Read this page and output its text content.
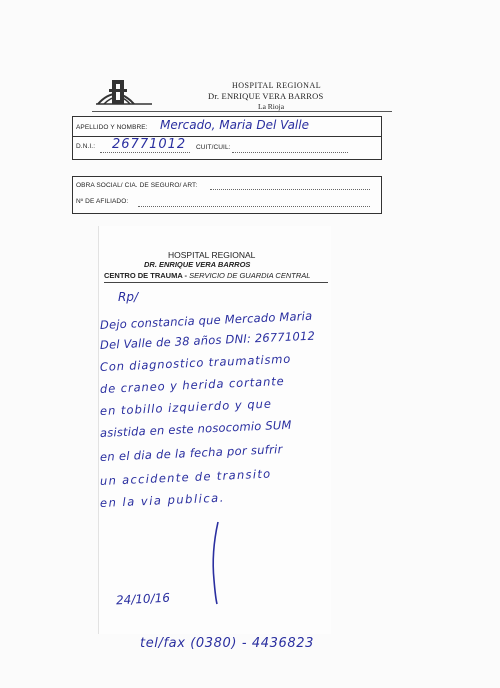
HOSPITAL REGIONAL
Dr. ENRIQUE VERA BARROS
La Rioja
APELLIDO Y NOMBRE: Mercado, Maria Del Valle
D.N.I.: 26771012 CUIT/CUIL:
OBRA SOCIAL/ CIA. DE SEGURO/ ART:
Nº DE AFILIADO:
HOSPITAL REGIONAL
DR. ENRIQUE VERA BARROS
CENTRO DE TRAUMA - SERVICIO DE GUARDIA CENTRAL
Rp/
Dejo constancia que Mercado Maria
Del Valle de 38 años DNI: 26771012
Con diagnostico traumatismo
de craneo y herida cortante
en tobillo izquierdo y que
asistida en este nosocomio SUM
en el dia de la fecha por sufrir
un accidente de transito
en la via publica.
24/10/16
tel/fax (0380) - 4436823
